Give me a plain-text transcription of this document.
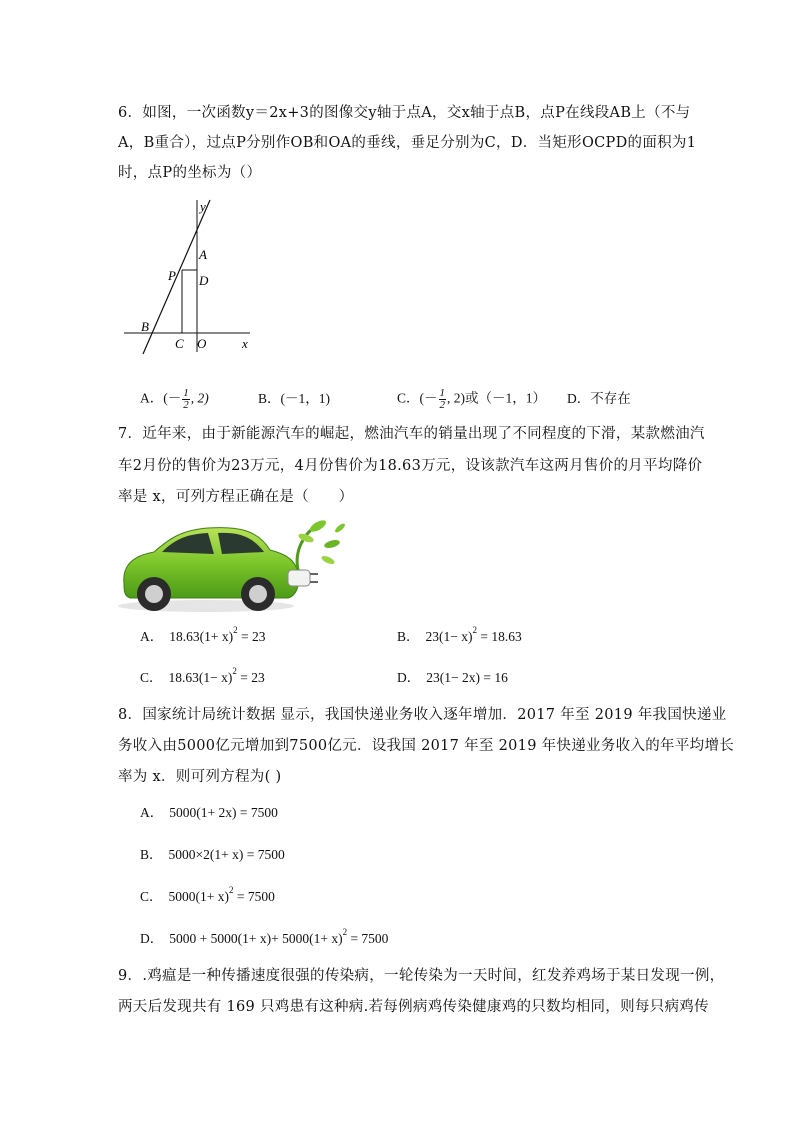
6．如图，一次函数y＝2x+3的图像交y轴于点A，交x轴于点B，点P在线段AB上（不与
A，B重合），过点P分别作OB和OA的垂线，垂足分别为C，D．当矩形OCPD的面积为1
时，点P的坐标为（）
y
x
A
P D
B
C O
A．(－ $\frac{1}{2}$ , 2)	B．(－1，1)	C．(－ $\frac{1}{2}$ , 2)或（－1，1） D．不存在
7．近年来，由于新能源汽车的崛起，燃油汽车的销量出现了不同程度的下滑，某款燃油汽
车2月份的售价为23万元，4月份售价为18.63万元，设该款汽车这两月售价的月平均降价
率是 x，可列方程正确在是（　　）
A． $18.63(1+ x)^2 = 23$	B． $23(1- x)^2 = 18.63$
C． $18.63(1- x)^2 = 23$	D． 23(1− 2x) = 16
8．国家统计局统计数据 显示，我国快递业务收入逐年增加．2017 年至 2019 年我国快递业
务收入由5000亿元增加到7500亿元．设我国 2017 年至 2019 年快递业务收入的年平均增长
率为 x．则可列方程为( )
A． 5000(1+ 2x) = 7500
B． 5000×2(1+ x) = 7500
C． $5000(1+ x)^2 = 7500$
D． $5000 + 5000(1+ x)+ 5000(1+ x)^2 = 7500$
9．.鸡瘟是一种传播速度很强的传染病，一轮传染为一天时间，红发养鸡场于某日发现一例，
两天后发现共有 169 只鸡患有这种病.若每例病鸡传染健康鸡的只数均相同，则每只病鸡传
